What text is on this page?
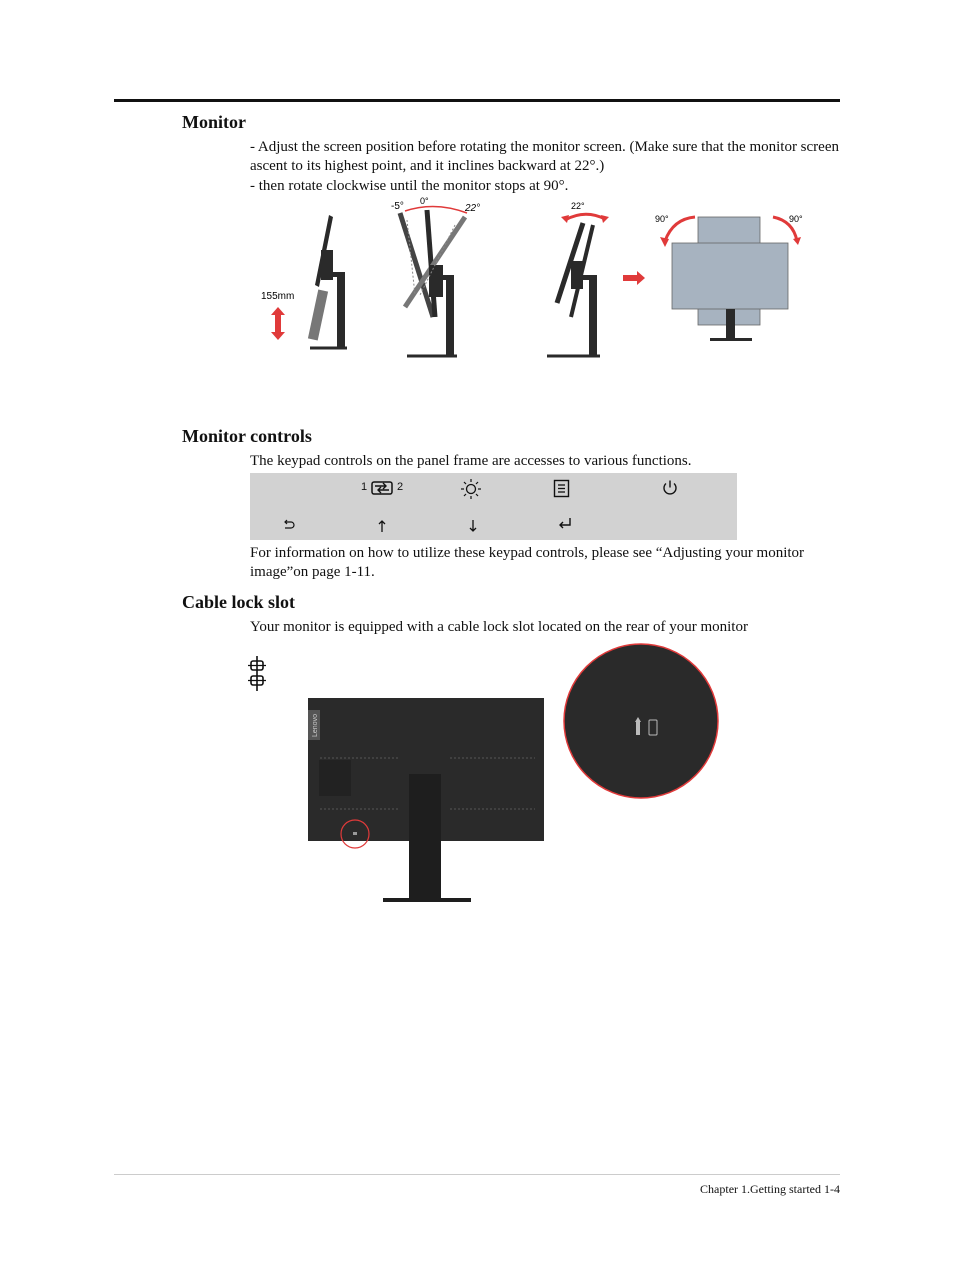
Monitor

- Adjust the screen position before rotating the monitor screen. (Make sure that the monitor screen ascent to its highest point, and it inclines backward at 22°.)

- then rotate clockwise until the monitor stops at 90°.

155mm
-5° 0°
22°	22°
90°	90°
Monitor controls

The keypad controls on the panel frame are accesses to various functions.

1	2

For information on how to utilize these keypad controls, please see “Adjusting your monitor image”on page 1-11.

Cable lock slot

Your monitor is equipped with a cable lock slot located on the rear of your monitor

Lenovo
Chapter 1.Getting started 1-4
